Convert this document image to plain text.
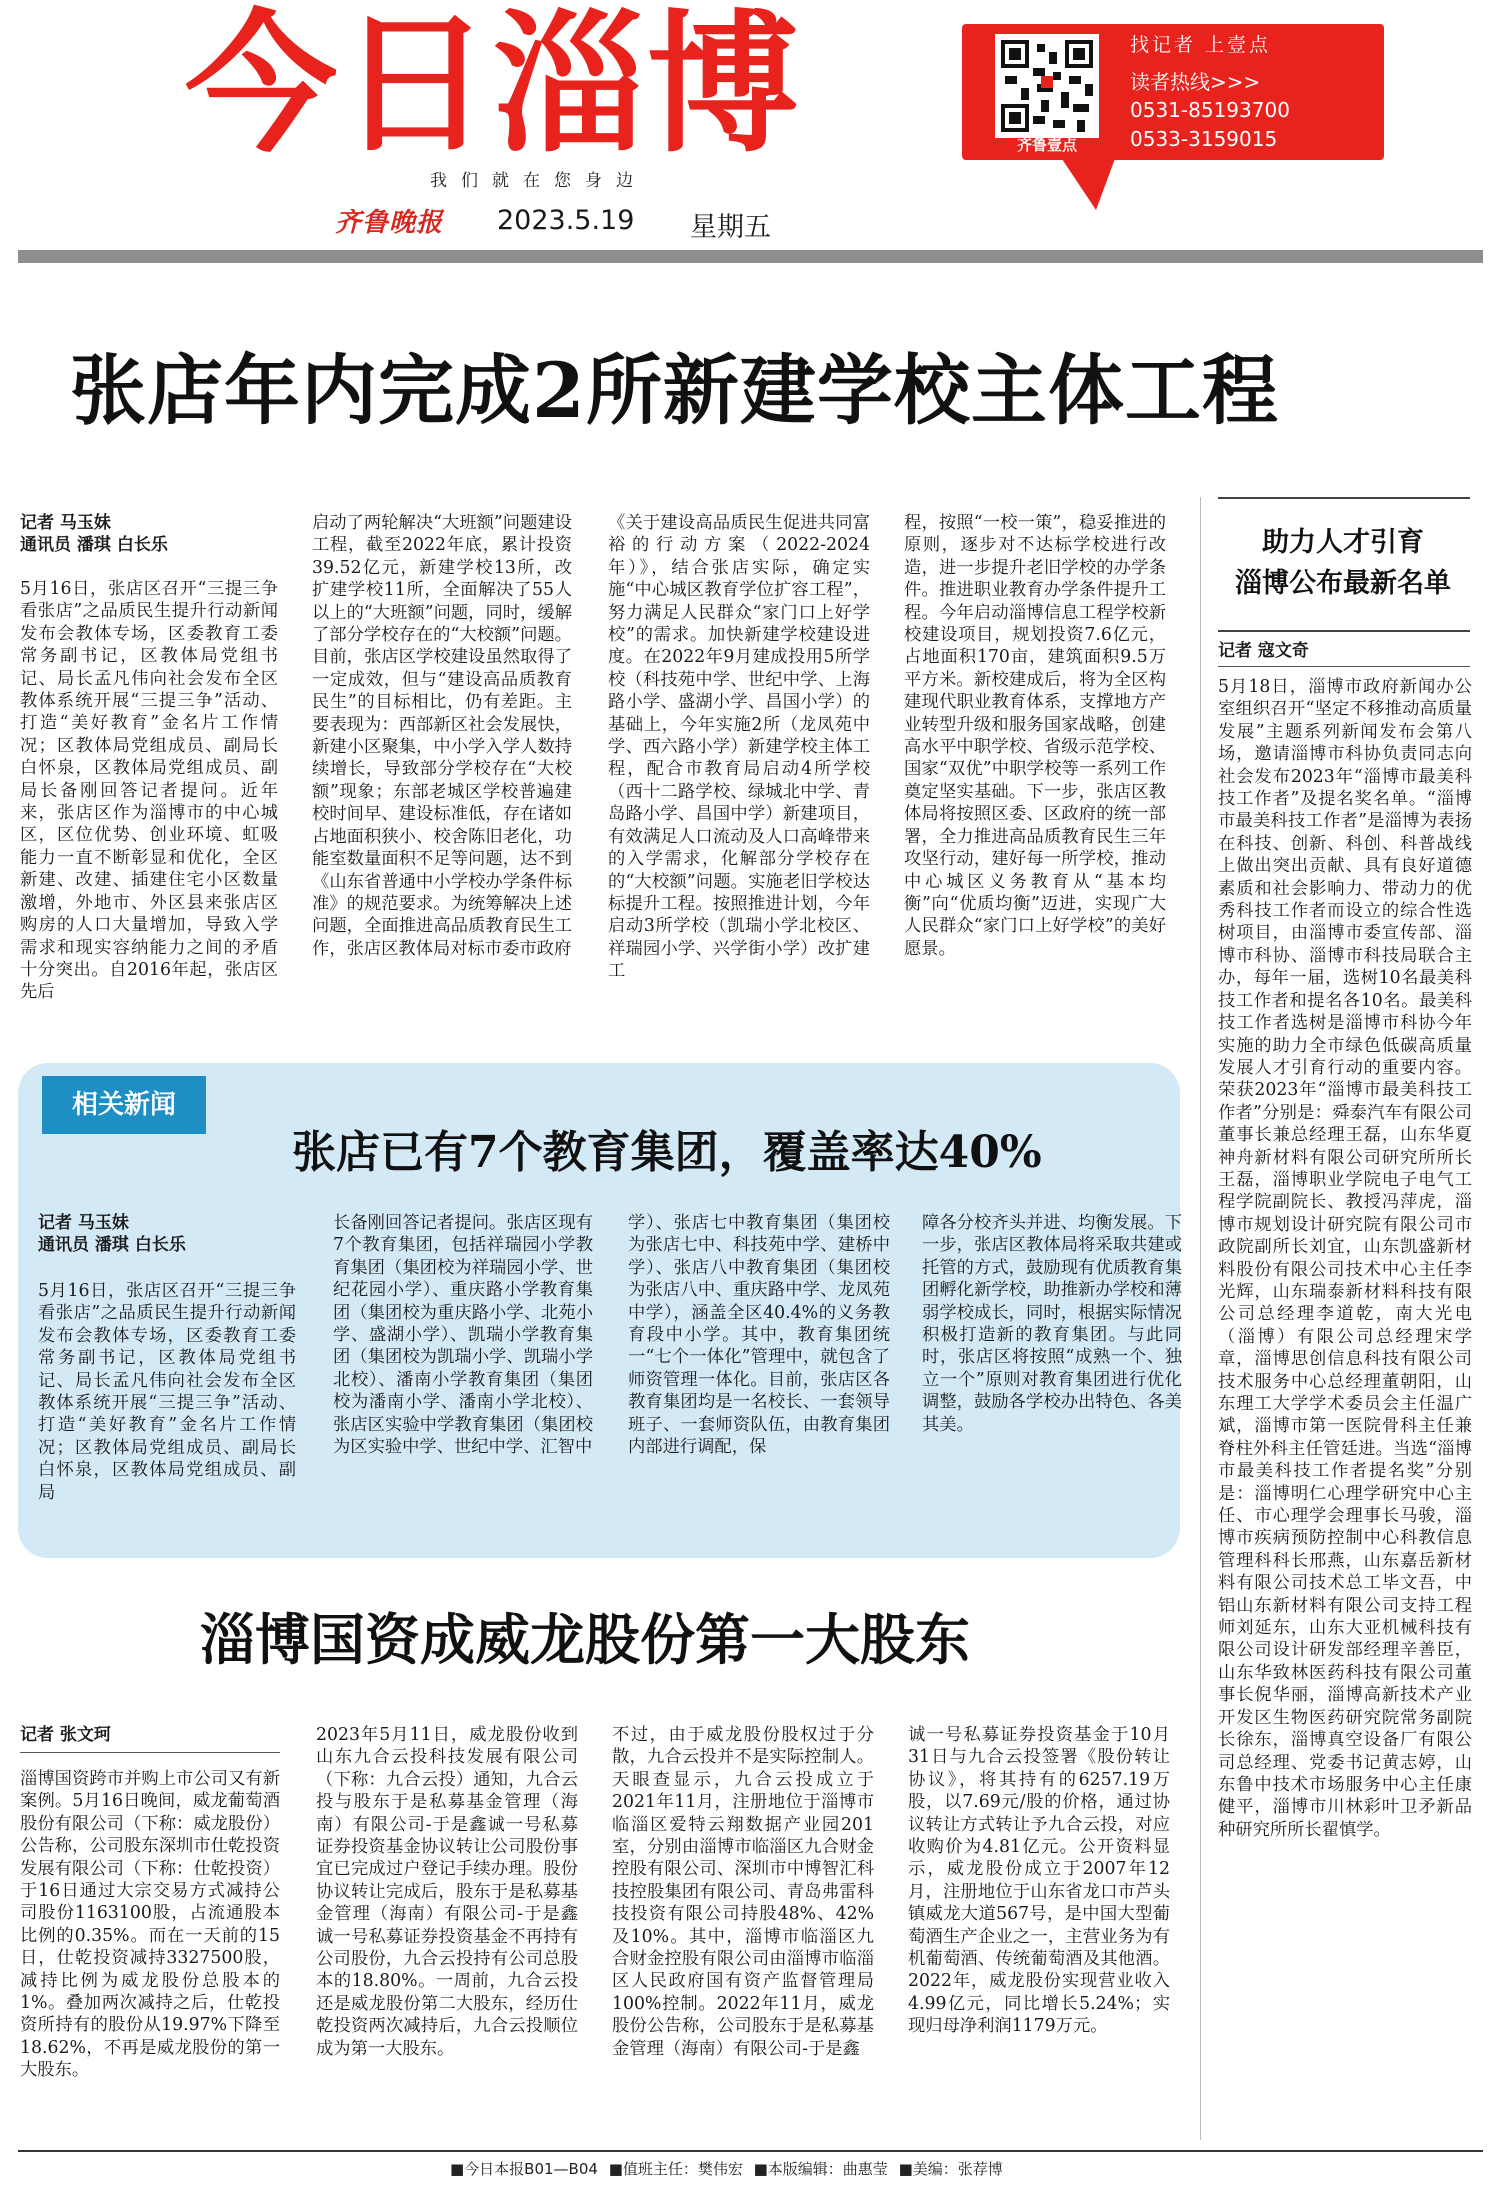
今日淄博
我们就在您身边
齐鲁晚报 2023.5.19 星期五
齐鲁壹点
找记者 上壹点
读者热线>>>
0531-85193700
0533-3159015
张店年内完成2所新建学校主体工程
记者 马玉妹
通讯员 潘琪 白长乐
5月16日，张店区召开“三提三争看张店”之品质民生提升行动新闻发布会教体专场，区委教育工委常务副书记，区教体局党组书记、局长孟凡伟向社会发布全区教体系统开展“三提三争”活动、打造“美好教育”金名片工作情况；区教体局党组成员、副局长白怀泉，区教体局党组成员、副局长备刚回答记者提问。近年来，张店区作为淄博市的中心城区，区位优势、创业环境、虹吸能力一直不断彰显和优化，全区新建、改建、插建住宅小区数量激增，外地市、外区县来张店区购房的人口大量增加，导致入学需求和现实容纳能力之间的矛盾十分突出。自2016年起，张店区先后
启动了两轮解决“大班额”问题建设工程，截至2022年底，累计投资39.52亿元，新建学校13所，改扩建学校11所，全面解决了55人以上的“大班额”问题，同时，缓解了部分学校存在的“大校额”问题。目前，张店区学校建设虽然取得了一定成效，但与“建设高品质教育民生”的目标相比，仍有差距。主要表现为：西部新区社会发展快，新建小区聚集，中小学入学人数持续增长，导致部分学校存在“大校额”现象；东部老城区学校普遍建校时间早、建设标准低，存在诸如占地面积狭小、校舍陈旧老化，功能室数量面积不足等问题，达不到《山东省普通中小学校办学条件标准》的规范要求。为统筹解决上述问题，全面推进高品质教育民生工作，张店区教体局对标市委市政府
《关于建设高品质民生促进共同富裕的行动方案（2022-2024年）》，结合张店实际，确定实施“中心城区教育学位扩容工程”，努力满足人民群众“家门口上好学校”的需求。加快新建学校建设进度。在2022年9月建成投用5所学校（科技苑中学、世纪中学、上海路小学、盛湖小学、昌国小学）的基础上，今年实施2所（龙凤苑中学、西六路小学）新建学校主体工程，配合市教育局启动4所学校（西十二路学校、绿城北中学、青岛路小学、昌国中学）新建项目，有效满足人口流动及人口高峰带来的入学需求，化解部分学校存在的“大校额”问题。实施老旧学校达标提升工程。按照推进计划，今年启动3所学校（凯瑞小学北校区、祥瑞园小学、兴学街小学）改扩建工
程，按照“一校一策”，稳妥推进的原则，逐步对不达标学校进行改造，进一步提升老旧学校的办学条件。推进职业教育办学条件提升工程。今年启动淄博信息工程学校新校建设项目，规划投资7.6亿元，占地面积170亩，建筑面积9.5万平方米。新校建成后，将为全区构建现代职业教育体系，支撑地方产业转型升级和服务国家战略，创建高水平中职学校、省级示范学校、国家“双优”中职学校等一系列工作奠定坚实基础。下一步，张店区教体局将按照区委、区政府的统一部署，全力推进高品质教育民生三年攻坚行动，建好每一所学校，推动中心城区义务教育从“基本均衡”向“优质均衡”迈进，实现广大人民群众“家门口上好学校”的美好愿景。
相关新闻
张店已有7个教育集团，覆盖率达40%
记者 马玉妹
通讯员 潘琪 白长乐
5月16日，张店区召开“三提三争看张店”之品质民生提升行动新闻发布会教体专场，区委教育工委常务副书记，区教体局党组书记、局长孟凡伟向社会发布全区教体系统开展“三提三争”活动、打造“美好教育”金名片工作情况；区教体局党组成员、副局长白怀泉，区教体局党组成员、副局
长备刚回答记者提问。张店区现有7个教育集团，包括祥瑞园小学教育集团（集团校为祥瑞园小学、世纪花园小学）、重庆路小学教育集团（集团校为重庆路小学、北苑小学、盛湖小学）、凯瑞小学教育集团（集团校为凯瑞小学、凯瑞小学北校）、潘南小学教育集团（集团校为潘南小学、潘南小学北校）、张店区实验中学教育集团（集团校为区实验中学、世纪中学、汇智中
学）、张店七中教育集团（集团校为张店七中、科技苑中学、建桥中学）、张店八中教育集团（集团校为张店八中、重庆路中学、龙凤苑中学），涵盖全区40.4%的义务教育段中小学。其中，教育集团统一“七个一体化”管理中，就包含了师资管理一体化。目前，张店区各教育集团均是一名校长、一套领导班子、一套师资队伍，由教育集团内部进行调配，保
障各分校齐头并进、均衡发展。下一步，张店区教体局将采取共建或托管的方式，鼓励现有优质教育集团孵化新学校，助推新办学校和薄弱学校成长，同时，根据实际情况积极打造新的教育集团。与此同时，张店区将按照“成熟一个、独立一个”原则对教育集团进行优化调整，鼓励各学校办出特色、各美其美。
淄博国资成威龙股份第一大股东
记者 张文珂
淄博国资跨市并购上市公司又有新案例。5月16日晚间，威龙葡萄酒股份有限公司（下称：威龙股份）公告称，公司股东深圳市仕乾投资发展有限公司（下称：仕乾投资）于16日通过大宗交易方式减持公司股份1163100股，占流通股本比例的0.35%。而在一天前的15日，仕乾投资减持3327500股，减持比例为威龙股份总股本的1%。叠加两次减持之后，仕乾投资所持有的股份从19.97%下降至18.62%，不再是威龙股份的第一大股东。
2023年5月11日，威龙股份收到山东九合云投科技发展有限公司（下称：九合云投）通知，九合云投与股东于是私募基金管理（海南）有限公司-于是鑫诚一号私募证券投资基金协议转让公司股份事宜已完成过户登记手续办理。股份协议转让完成后，股东于是私募基金管理（海南）有限公司-于是鑫诚一号私募证券投资基金不再持有公司股份，九合云投持有公司总股本的18.80%。一周前，九合云投还是威龙股份第二大股东，经历仕乾投资两次减持后，九合云投顺位成为第一大股东。
不过，由于威龙股份股权过于分散，九合云投并不是实际控制人。天眼查显示，九合云投成立于2021年11月，注册地位于淄博市临淄区爱特云翔数据产业园201室，分别由淄博市临淄区九合财金控股有限公司、深圳市中博智汇科技控股集团有限公司、青岛弗雷科技投资有限公司持股48%、42%及10%。其中，淄博市临淄区九合财金控股有限公司由淄博市临淄区人民政府国有资产监督管理局100%控制。2022年11月，威龙股份公告称，公司股东于是私募基金管理（海南）有限公司-于是鑫
诚一号私募证券投资基金于10月31日与九合云投签署《股份转让协议》，将其持有的6257.19万股，以7.69元/股的价格，通过协议转让方式转让予九合云投，对应收购价为4.81亿元。公开资料显示，威龙股份成立于2007年12月，注册地位于山东省龙口市芦头镇威龙大道567号，是中国大型葡萄酒生产企业之一，主营业务为有机葡萄酒、传统葡萄酒及其他酒。2022年，威龙股份实现营业收入4.99亿元，同比增长5.24%；实现归母净利润1179万元。
助力人才引育
淄博公布最新名单
记者 寇文奇
5月18日，淄博市政府新闻办公室组织召开“坚定不移推动高质量发展”主题系列新闻发布会第八场，邀请淄博市科协负责同志向社会发布2023年“淄博市最美科技工作者”及提名奖名单。“淄博市最美科技工作者”是淄博为表扬在科技、创新、科创、科普战线上做出突出贡献、具有良好道德素质和社会影响力、带动力的优秀科技工作者而设立的综合性选树项目，由淄博市委宣传部、淄博市科协、淄博市科技局联合主办，每年一届，选树10名最美科技工作者和提名各10名。最美科技工作者选树是淄博市科协今年实施的助力全市绿色低碳高质量发展人才引育行动的重要内容。荣获2023年“淄博市最美科技工作者”分别是：舜泰汽车有限公司董事长兼总经理王磊，山东华夏神舟新材料有限公司研究所所长王磊，淄博职业学院电子电气工程学院副院长、教授冯萍虎，淄博市规划设计研究院有限公司市政院副所长刘宜，山东凯盛新材料股份有限公司技术中心主任李光辉，山东瑞泰新材料科技有限公司总经理李道乾，南大光电（淄博）有限公司总经理宋学章，淄博思创信息科技有限公司技术服务中心总经理董朝阳，山东理工大学学术委员会主任温广斌，淄博市第一医院骨科主任兼脊柱外科主任管廷进。当选“淄博市最美科技工作者提名奖”分别是：淄博明仁心理学研究中心主任、市心理学会理事长马骏，淄博市疾病预防控制中心科教信息管理科科长邢燕，山东嘉岳新材料有限公司技术总工毕文吾，中铝山东新材料有限公司支持工程师刘延东，山东大亚机械科技有限公司设计研发部经理辛善臣，山东华致林医药科技有限公司董事长倪华丽，淄博高新技术产业开发区生物医药研究院常务副院长徐东，淄博真空设备厂有限公司总经理、党委书记黄志婷，山东鲁中技术市场服务中心主任康健平，淄博市川林彩叶卫矛新品种研究所所长翟慎学。
■今日本报B01—B04 ■值班主任：樊伟宏 ■本版编辑：曲惠莹 ■美编：张荐博
